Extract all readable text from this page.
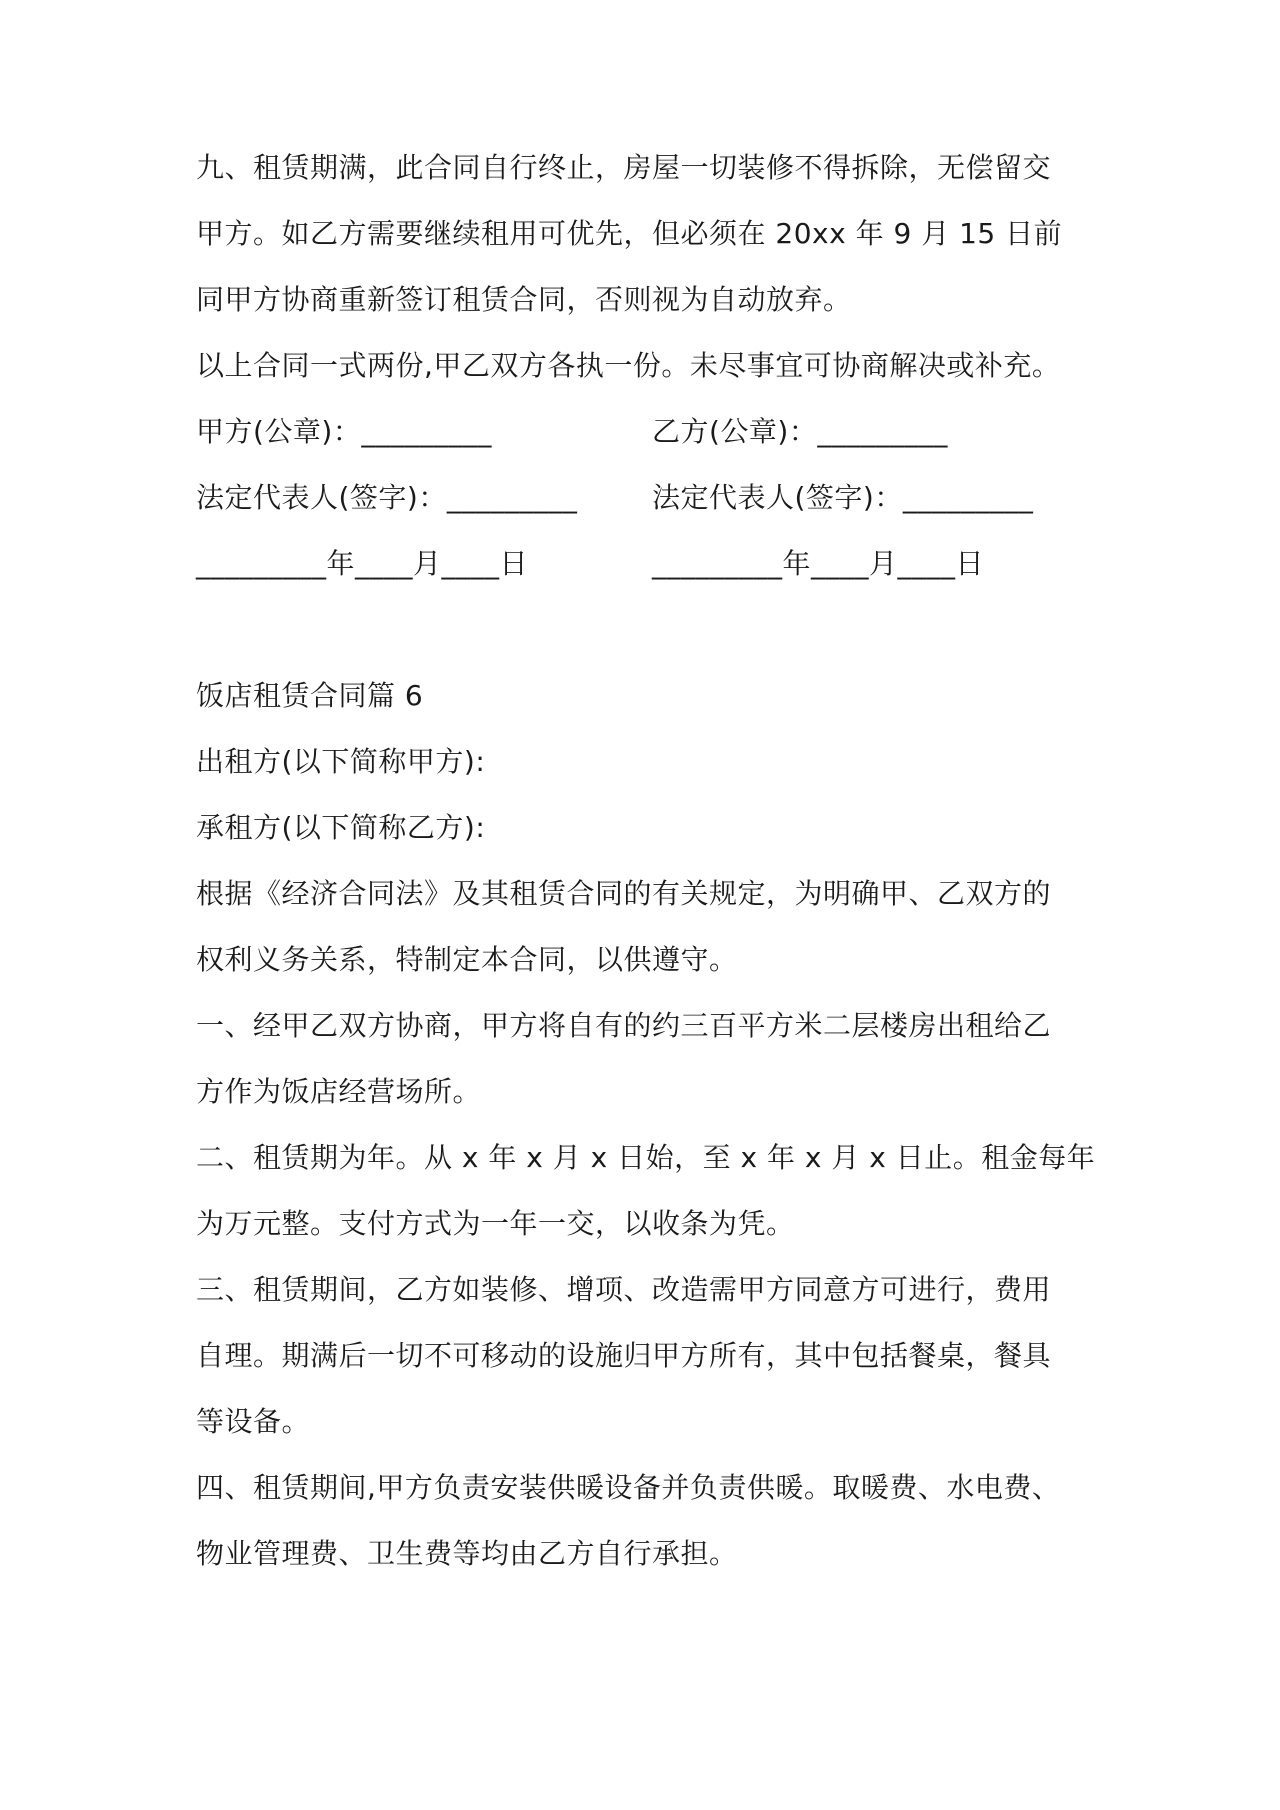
九、租赁期满，此合同自行终止，房屋一切装修不得拆除，无偿留交
甲方。如乙方需要继续租用可优先，但必须在 20xx 年 9 月 15 日前
同甲方协商重新签订租赁合同，否则视为自动放弃。
以上合同一式两份,甲乙双方各执一份。未尽事宜可协商解决或补充。
甲方(公章)：_________	乙方(公章)：_________
法定代表人(签字)：_________	法定代表人(签字)：_________
_________年____月____日	_________年____月____日
饭店租赁合同篇 6
出租方(以下简称甲方):
承租方(以下简称乙方):
根据《经济合同法》及其租赁合同的有关规定，为明确甲、乙双方的
权利义务关系，特制定本合同，以供遵守。
一、经甲乙双方协商，甲方将自有的约三百平方米二层楼房出租给乙
方作为饭店经营场所。
二、租赁期为年。从 x 年 x 月 x 日始，至 x 年 x 月 x 日止。租金每年
为万元整。支付方式为一年一交，以收条为凭。
三、租赁期间，乙方如装修、增项、改造需甲方同意方可进行，费用
自理。期满后一切不可移动的设施归甲方所有，其中包括餐桌，餐具
等设备。
四、租赁期间,甲方负责安装供暖设备并负责供暖。取暖费、水电费、
物业管理费、卫生费等均由乙方自行承担。
